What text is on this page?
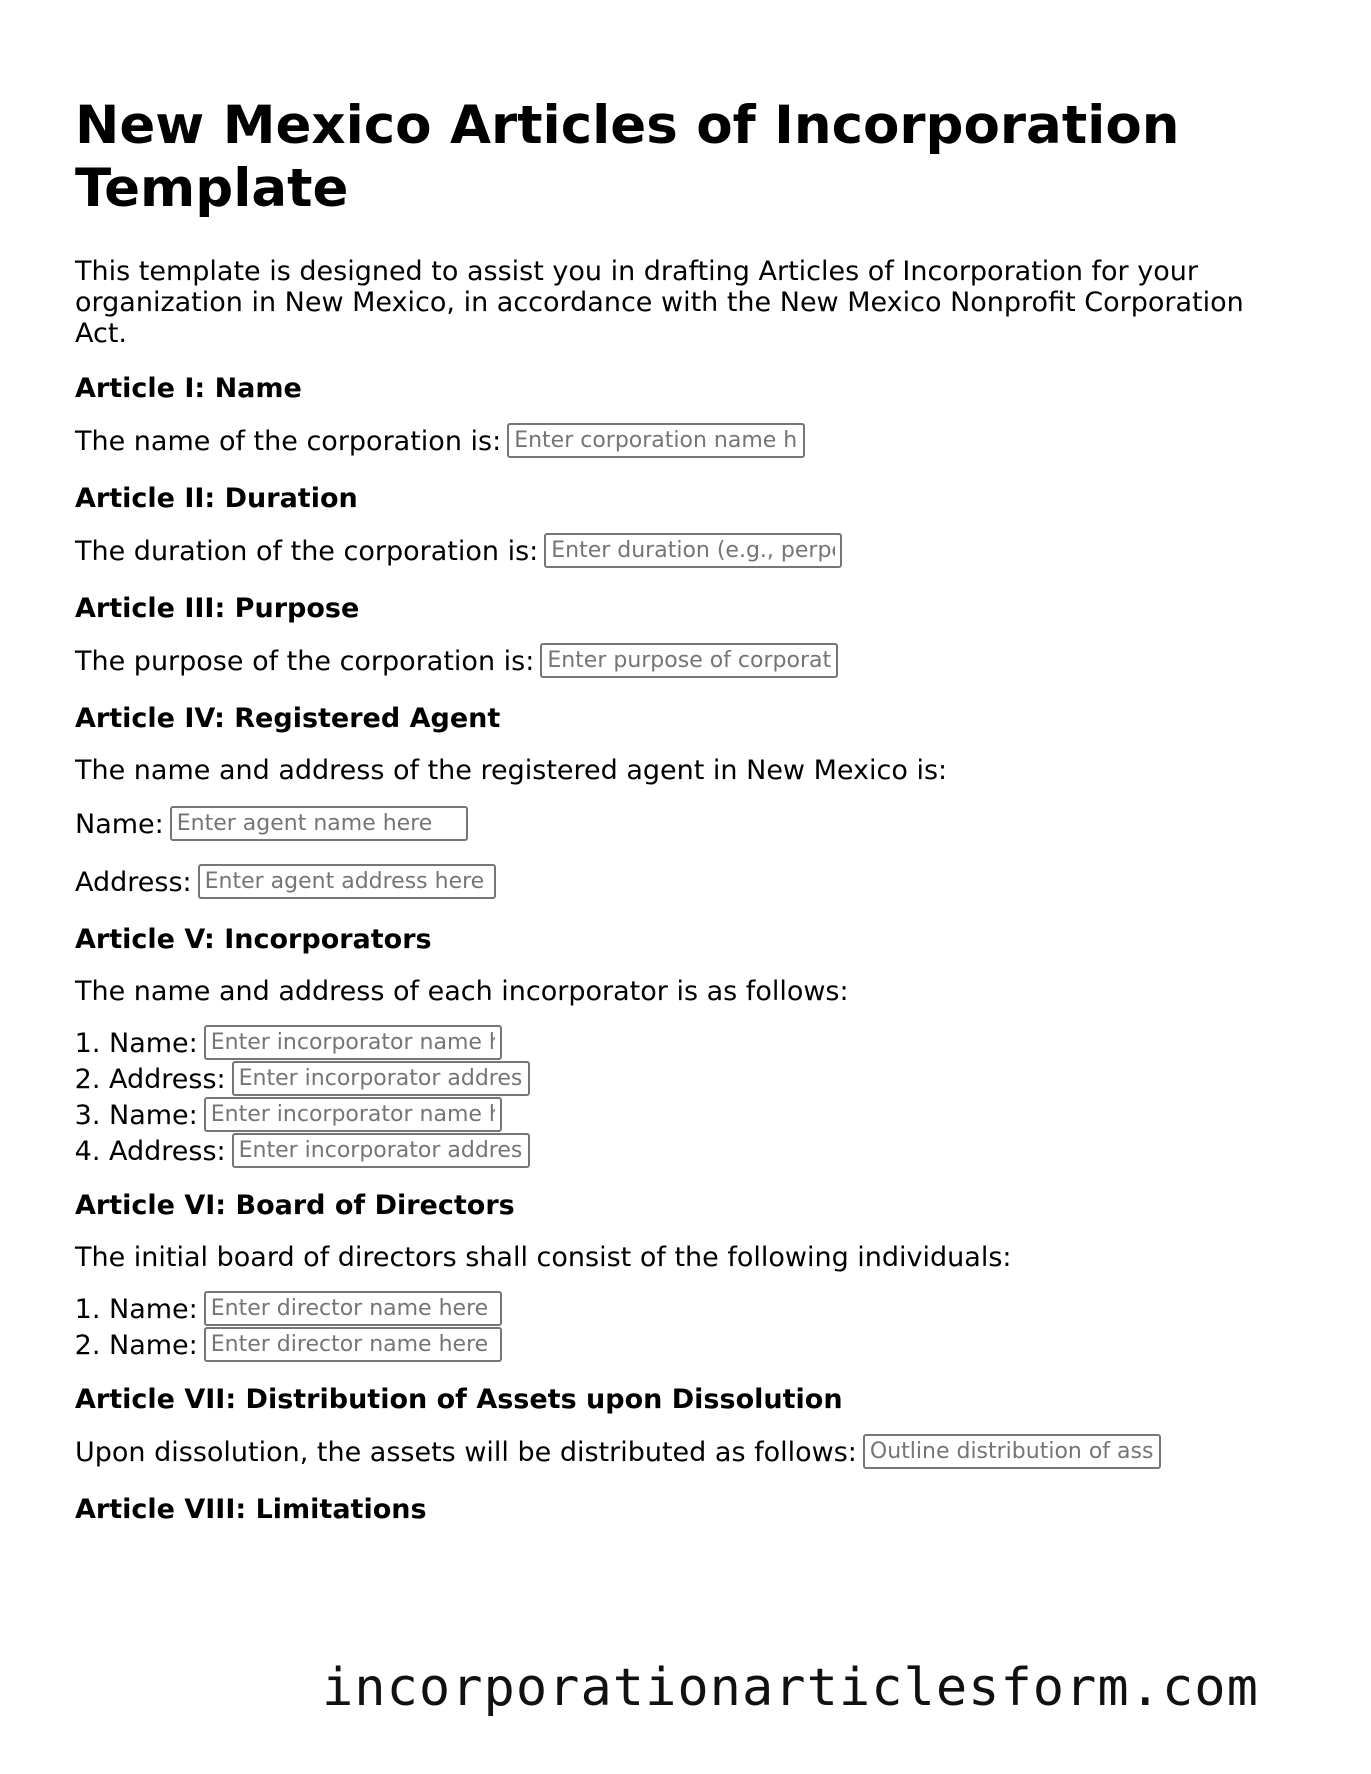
New Mexico Articles of Incorporation Template

This template is designed to assist you in drafting Articles of Incorporation for your organization in New Mexico, in accordance with the New Mexico Nonprofit Corporation Act.

Article I: Name

The name of the corporation is:Enter corporation name here

Article II: Duration

The duration of the corporation is:Enter duration (e.g., perpetual)

Article III: Purpose

The purpose of the corporation is:Enter purpose of corporation

Article IV: Registered Agent

The name and address of the registered agent in New Mexico is:

Name:Enter agent name here

Address:Enter agent address here

Article V: Incorporators

The name and address of each incorporator is as follows:

1. Name:Enter incorporator name here
2. Address:Enter incorporator address
3. Name:Enter incorporator name here
4. Address:Enter incorporator address
Article VI: Board of Directors

The initial board of directors shall consist of the following individuals:

1. Name:Enter director name here
2. Name:Enter director name here
Article VII: Distribution of Assets upon Dissolution

Upon dissolution, the assets will be distributed as follows:Outline distribution of assets

Article VIII: Limitations
incorporationarticlesform.com
